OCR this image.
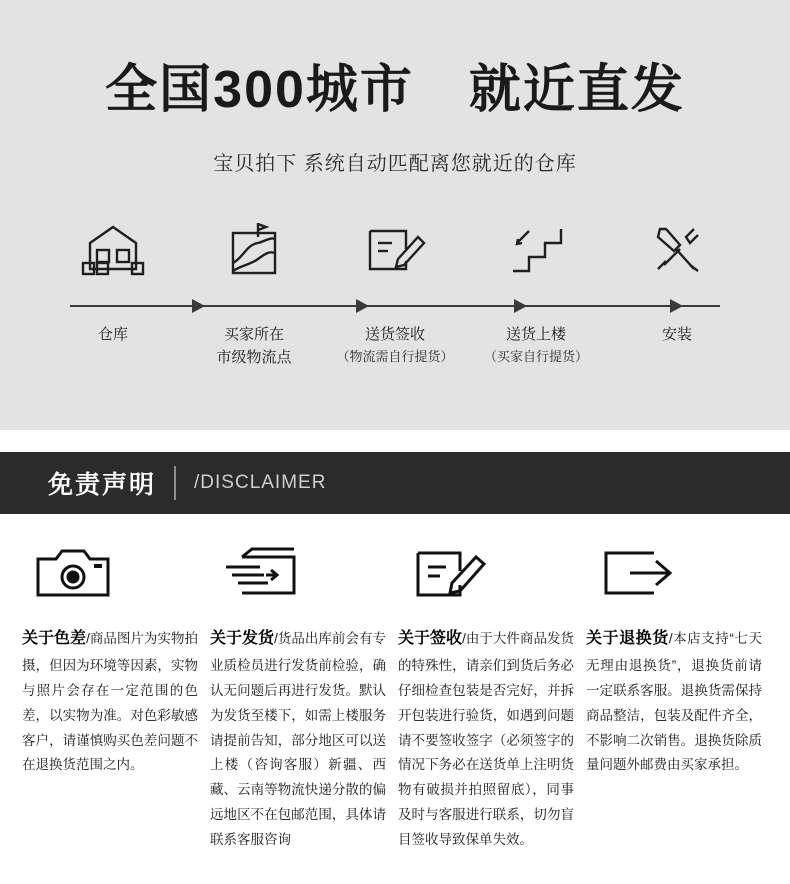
全国300城市 就近直发
宝贝拍下 系统自动匹配离您就近的仓库
仓库	买家所在
市级物流点
送货签收
（物流需自行提货）
送货上楼
（买家自行提货）
安装
免责声明 /DISCLAIMER
关于色差/商品图片为实物拍摄，但因为环境等因素，实物与照片会存在一定范围的色差，以实物为准。对色彩敏感客户，请谨慎购买色差问题不在退换货范围之内。
关于发货/货品出库前会有专业质检员进行发货前检验，确认无问题后再进行发货。默认为发货至楼下，如需上楼服务请提前告知，部分地区可以送上楼（咨询客服）新疆、西藏、云南等物流快递分散的偏远地区不在包邮范围，具体请联系客服咨询
关于签收/由于大件商品发货的特殊性，请亲们到货后务必仔细检查包装是否完好，并拆开包装进行验货，如遇到问题请不要签收签字（必须签字的情况下务必在送货单上注明货物有破损并拍照留底），同事及时与客服进行联系，切勿盲目签收导致保单失效。
关于退换货/本店支持“七天无理由退换货”，退换货前请一定联系客服。退换货需保持商品整洁，包装及配件齐全，不影响二次销售。退换货除质量问题外邮费由买家承担。
